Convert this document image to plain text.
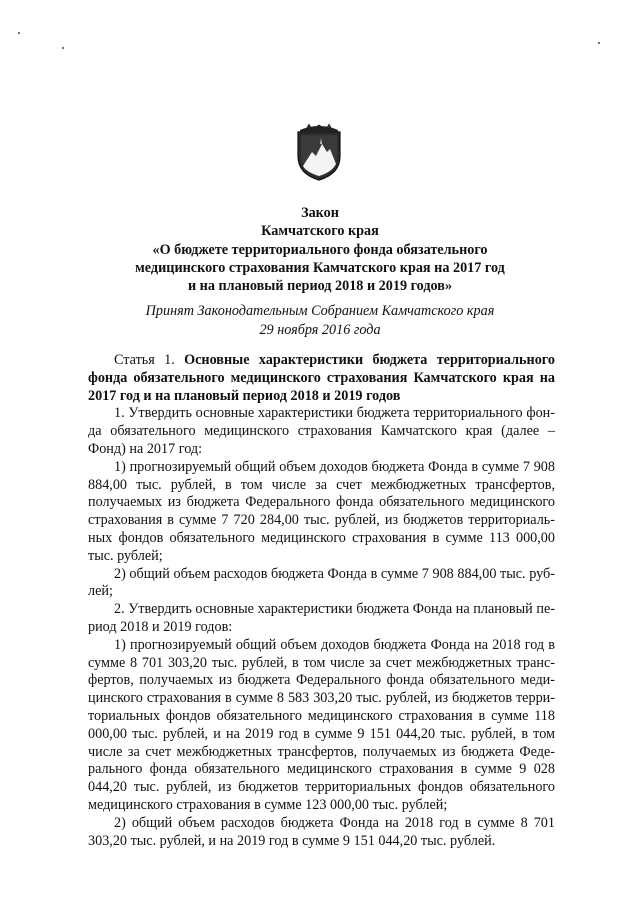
Закон
Камчатского края
«О бюджете территориального фонда обязательного
медицинского страхования Камчатского края на 2017 год
и на плановый период 2018 и 2019 годов»
Принят Законодательным Собранием Камчатского края
29 ноября 2016 года

Статья 1. Основные характеристики бюджета территориального фонда обязательного медицинского страхования Камчатского края на 2017 год и на плановый период 2018 и 2019 годов

1. Утвердить основные характеристики бюджета территориального фонда обязательного медицинского страхования Камчатского края (далее – Фонд) на 2017 год:

1) прогнозируемый общий объем доходов бюджета Фонда в сумме 7 908 884,00 тыс. рублей, в том числе за счет межбюджетных трансфертов, получаемых из бюджета Федерального фонда обязательного медицинского страхования в сумме 7 720 284,00 тыс. рублей, из бюджетов территориальных фондов обязательного медицинского страхования в сумме 113 000,00 тыс. рублей;

2) общий объем расходов бюджета Фонда в сумме 7 908 884,00 тыс. рублей;

2. Утвердить основные характеристики бюджета Фонда на плановый период 2018 и 2019 годов:

1) прогнозируемый общий объем доходов бюджета Фонда на 2018 год в сумме 8 701 303,20 тыс. рублей, в том числе за счет межбюджетных трансфертов, получаемых из бюджета Федерального фонда обязательного медицинского страхования в сумме 8 583 303,20 тыс. рублей, из бюджетов территориальных фондов обязательного медицинского страхования в сумме 118 000,00 тыс. рублей, и на 2019 год в сумме 9 151 044,20 тыс. рублей, в том числе за счет межбюджетных трансфертов, получаемых из бюджета Федерального фонда обязательного медицинского страхования в сумме 9 028 044,20 тыс. рублей, из бюджетов территориальных фондов обязательного медицинского страхования в сумме 123 000,00 тыс. рублей;

2) общий объем расходов бюджета Фонда на 2018 год в сумме 8 701 303,20 тыс. рублей, и на 2019 год в сумме 9 151 044,20 тыс. рублей.
